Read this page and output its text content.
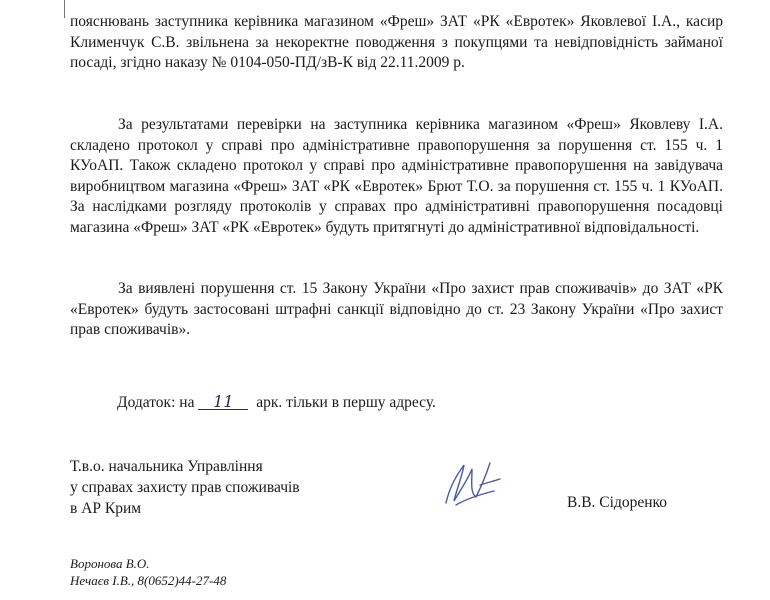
пояснювань заступника керівника магазином «Фреш» ЗАТ «РК «Евротек» Яковлевої І.А., касир Клименчук С.В. звільнена за некоректне поводження з покупцями та невідповідність займаної посаді, згідно наказу № 0104-050-ПД/зВ-К від 22.11.2009 р.
За результатами перевірки на заступника керівника магазином «Фреш» Яковлеву І.А. складено протокол у справі про адміністративне правопорушення за порушення ст. 155 ч. 1 КУоАП. Також складено протокол у справі про адміністративне правопорушення на завідувача виробництвом магазина «Фреш» ЗАТ «РК «Евротек» Брют Т.О. за порушення ст. 155 ч. 1 КУоАП. За наслідками розгляду протоколів у справах про адміністративні правопорушення посадовці магазина «Фреш» ЗАТ «РК «Евротек» будуть притягнуті до адміністративної відповідальності.
За виявлені порушення ст. 15 Закону України «Про захист прав споживачів» до ЗАТ «РК «Евротек» будуть застосовані штрафні санкції відповідно до ст. 23 Закону України «Про захист прав споживачів».
Додаток: на 11 арк. тільки в першу адресу.
Т.в.о. начальника Управління
у справах захисту прав споживачів
в АР Крим	В.В. Сідоренко
Воронова В.О.
Нечаєв І.В., 8(0652)44-27-48
